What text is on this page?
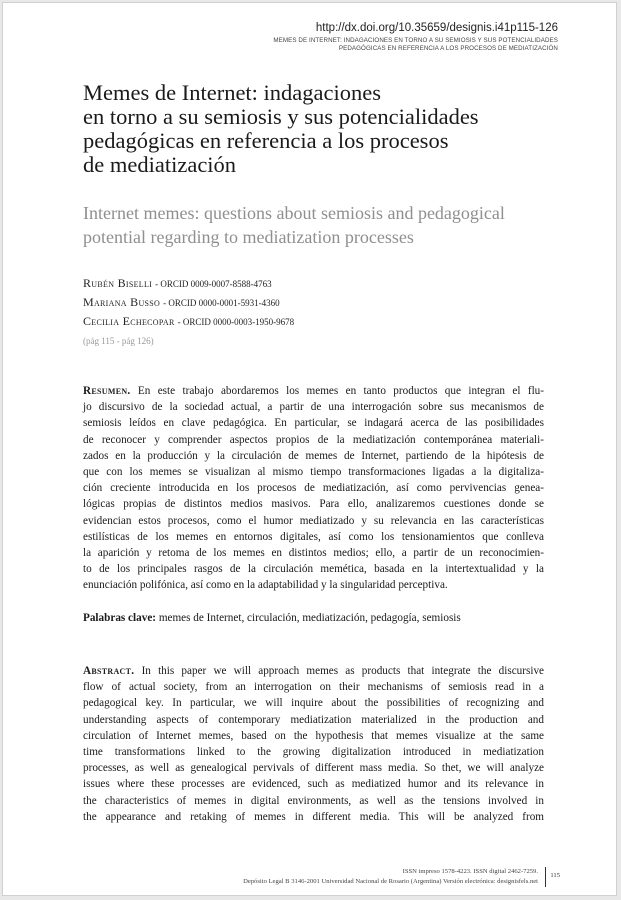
http://dx.doi.org/10.35659/designis.i41p115-126
MEMES DE INTERNET: INDAGACIONES EN TORNO A SU SEMIOSIS Y SUS POTENCIALIDADES
PEDAGÓGICAS EN REFERENCIA A LOS PROCESOS DE MEDIATIZACIÓN
Memes de Internet: indagaciones
en torno a su semiosis y sus potencialidades
pedagógicas en referencia a los procesos
de mediatización
Internet memes: questions about semiosis and pedagogical
potential regarding to mediatization processes
Rubén Biselli - ORCID 0009-0007-8588-4763
Mariana Busso - ORCID 0000-0001-5931-4360
Cecilia Echecopar - ORCID 0000-0003-1950-9678
(pág 115 - pág 126)
Resumen. En este trabajo abordaremos los memes en tanto productos que integran el flu-
jo discursivo de la sociedad actual, a partir de una interrogación sobre sus mecanismos de
semiosis leídos en clave pedagógica. En particular, se indagará acerca de las posibilidades
de reconocer y comprender aspectos propios de la mediatización contemporánea materiali-
zados en la producción y la circulación de memes de Internet, partiendo de la hipótesis de
que con los memes se visualizan al mismo tiempo transformaciones ligadas a la digitaliza-
ción creciente introducida en los procesos de mediatización, así como pervivencias genea-
lógicas propias de distintos medios masivos. Para ello, analizaremos cuestiones donde se
evidencian estos procesos, como el humor mediatizado y su relevancia en las características
estilísticas de los memes en entornos digitales, así como los tensionamientos que conlleva
la aparición y retoma de los memes en distintos medios; ello, a partir de un reconocimien-
to de los principales rasgos de la circulación memética, basada en la intertextualidad y la
enunciación polifónica, así como en la adaptabilidad y la singularidad perceptiva.
Palabras clave: memes de Internet, circulación, mediatización, pedagogía, semiosis
Abstract. In this paper we will approach memes as products that integrate the discursive
flow of actual society, from an interrogation on their mechanisms of semiosis read in a
pedagogical key. In particular, we will inquire about the possibilities of recognizing and
understanding aspects of contemporary mediatization materialized in the production and
circulation of Internet memes, based on the hypothesis that memes visualize at the same
time transformations linked to the growing digitalization introduced in mediatization
processes, as well as genealogical pervivals of different mass media. So thet, we will analyze
issues where these processes are evidenced, such as mediatized humor and its relevance in
the characteristics of memes in digital environments, as well as the tensions involved in
the appearance and retaking of memes in different media. This will be analyzed from
ISSN impreso 1578-4223. ISSN digital 2462-7259.
Depósito Legal B 3146-2001 Universidad Nacional de Rosario (Argentina) Versión electrónica: designisfels.net
115
